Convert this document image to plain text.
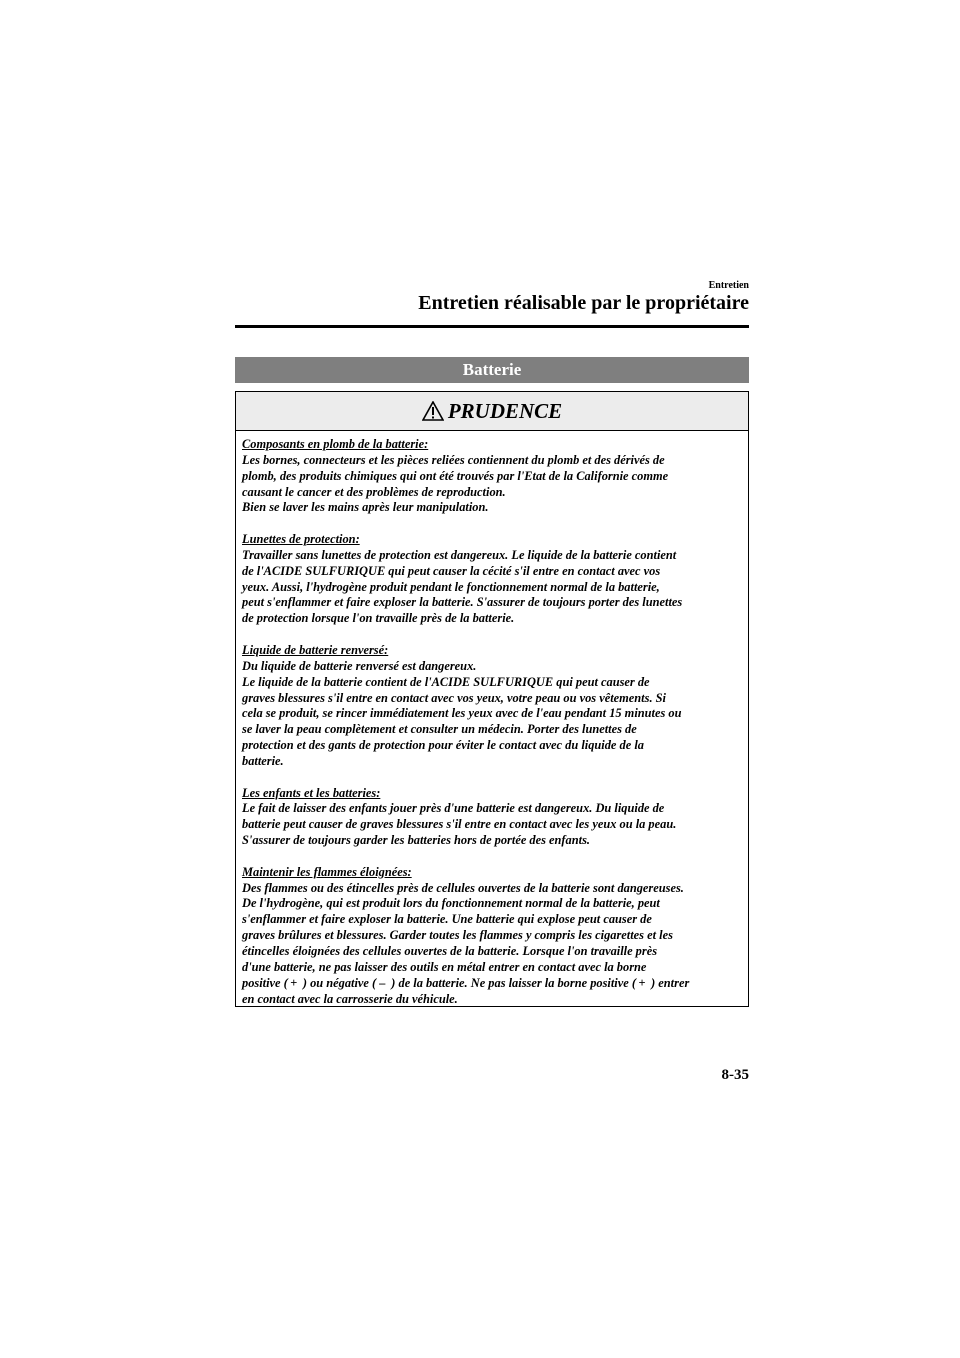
Entretien
Entretien réalisable par le propriétaire
Batterie
PRUDENCE
Composants en plomb de la batterie:
Les bornes, connecteurs et les pièces reliées contiennent du plomb et des dérivés de
plomb, des produits chimiques qui ont été trouvés par l'Etat de la Californie comme
causant le cancer et des problèmes de reproduction.
Bien se laver les mains après leur manipulation.
Lunettes de protection:
Travailler sans lunettes de protection est dangereux. Le liquide de la batterie contient
de l'ACIDE SULFURIQUE qui peut causer la cécité s'il entre en contact avec vos
yeux. Aussi, l'hydrogène produit pendant le fonctionnement normal de la batterie,
peut s'enflammer et faire exploser la batterie. S'assurer de toujours porter des lunettes
de protection lorsque l'on travaille près de la batterie.
Liquide de batterie renversé:
Du liquide de batterie renversé est dangereux.
Le liquide de la batterie contient de l'ACIDE SULFURIQUE qui peut causer de
graves blessures s'il entre en contact avec vos yeux, votre peau ou vos vêtements. Si
cela se produit, se rincer immédiatement les yeux avec de l'eau pendant 15 minutes ou
se laver la peau complètement et consulter un médecin. Porter des lunettes de
protection et des gants de protection pour éviter le contact avec du liquide de la
batterie.
Les enfants et les batteries:
Le fait de laisser des enfants jouer près d'une batterie est dangereux. Du liquide de
batterie peut causer de graves blessures s'il entre en contact avec les yeux ou la peau.
S'assurer de toujours garder les batteries hors de portée des enfants.
Maintenir les flammes éloignées:
Des flammes ou des étincelles près de cellules ouvertes de la batterie sont dangereuses.
De l'hydrogène, qui est produit lors du fonctionnement normal de la batterie, peut
s'enflammer et faire exploser la batterie. Une batterie qui explose peut causer de
graves brûlures et blessures. Garder toutes les flammes y compris les cigarettes et les
étincelles éloignées des cellules ouvertes de la batterie. Lorsque l'on travaille près
d'une batterie, ne pas laisser des outils en métal entrer en contact avec la borne
positive ( + ) ou négative ( – ) de la batterie. Ne pas laisser la borne positive ( + ) entrer
en contact avec la carrosserie du véhicule.
8-35
